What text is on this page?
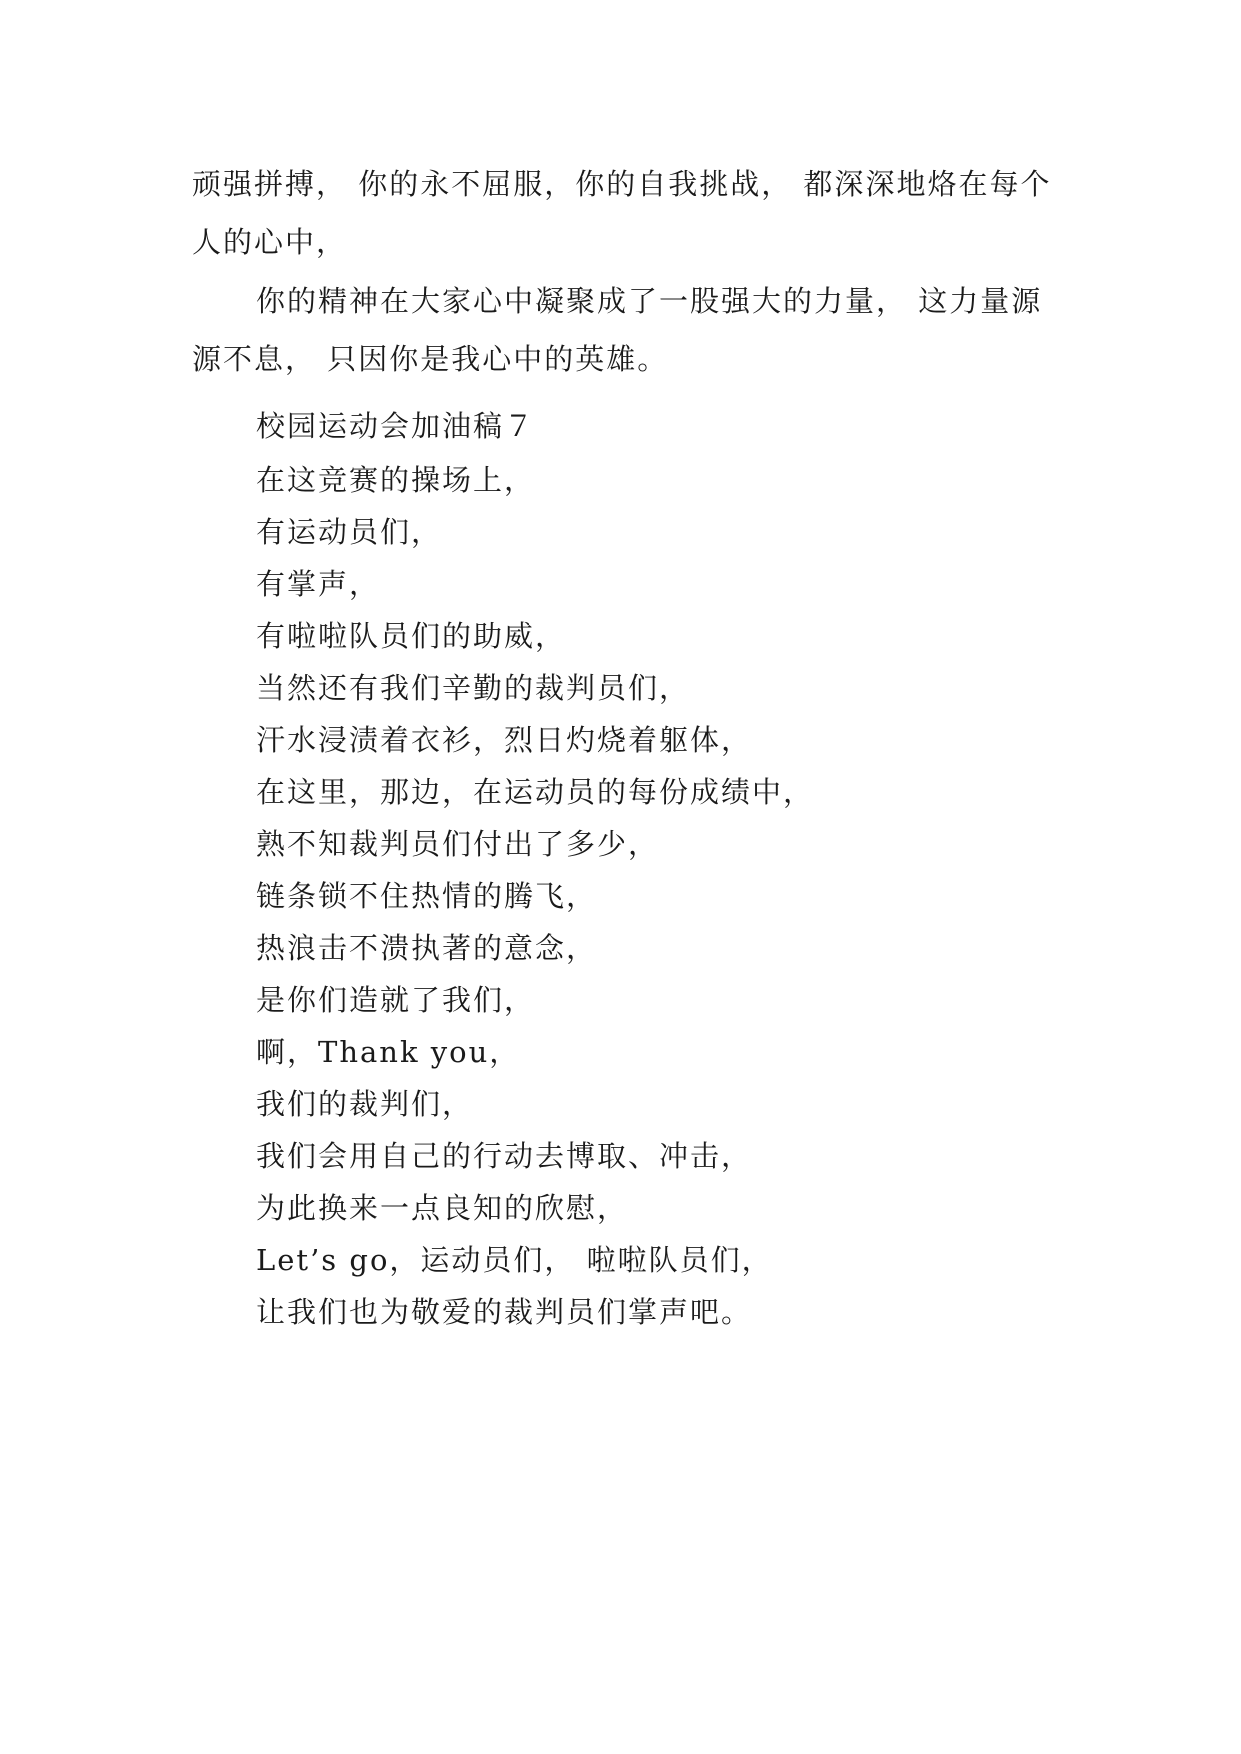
顽强拼搏， 你的永不屈服，你的自我挑战， 都深深地烙在每个人的心中，
你的精神在大家心中凝聚成了一股强大的力量， 这力量源源不息， 只因你是我心中的英雄。
校园运动会加油稿７
在这竞赛的操场上，
有运动员们，
有掌声，
有啦啦队员们的助威，
当然还有我们辛勤的裁判员们，
汗水浸渍着衣衫，烈日灼烧着躯体，
在这里，那边，在运动员的每份成绩中，
熟不知裁判员们付出了多少，
链条锁不住热情的腾飞，
热浪击不溃执著的意念，
是你们造就了我们，
啊，Thank you，
我们的裁判们，
我们会用自己的行动去博取、冲击，
为此换来一点良知的欣慰，
Let’s go，运动员们， 啦啦队员们，
让我们也为敬爱的裁判员们掌声吧。
